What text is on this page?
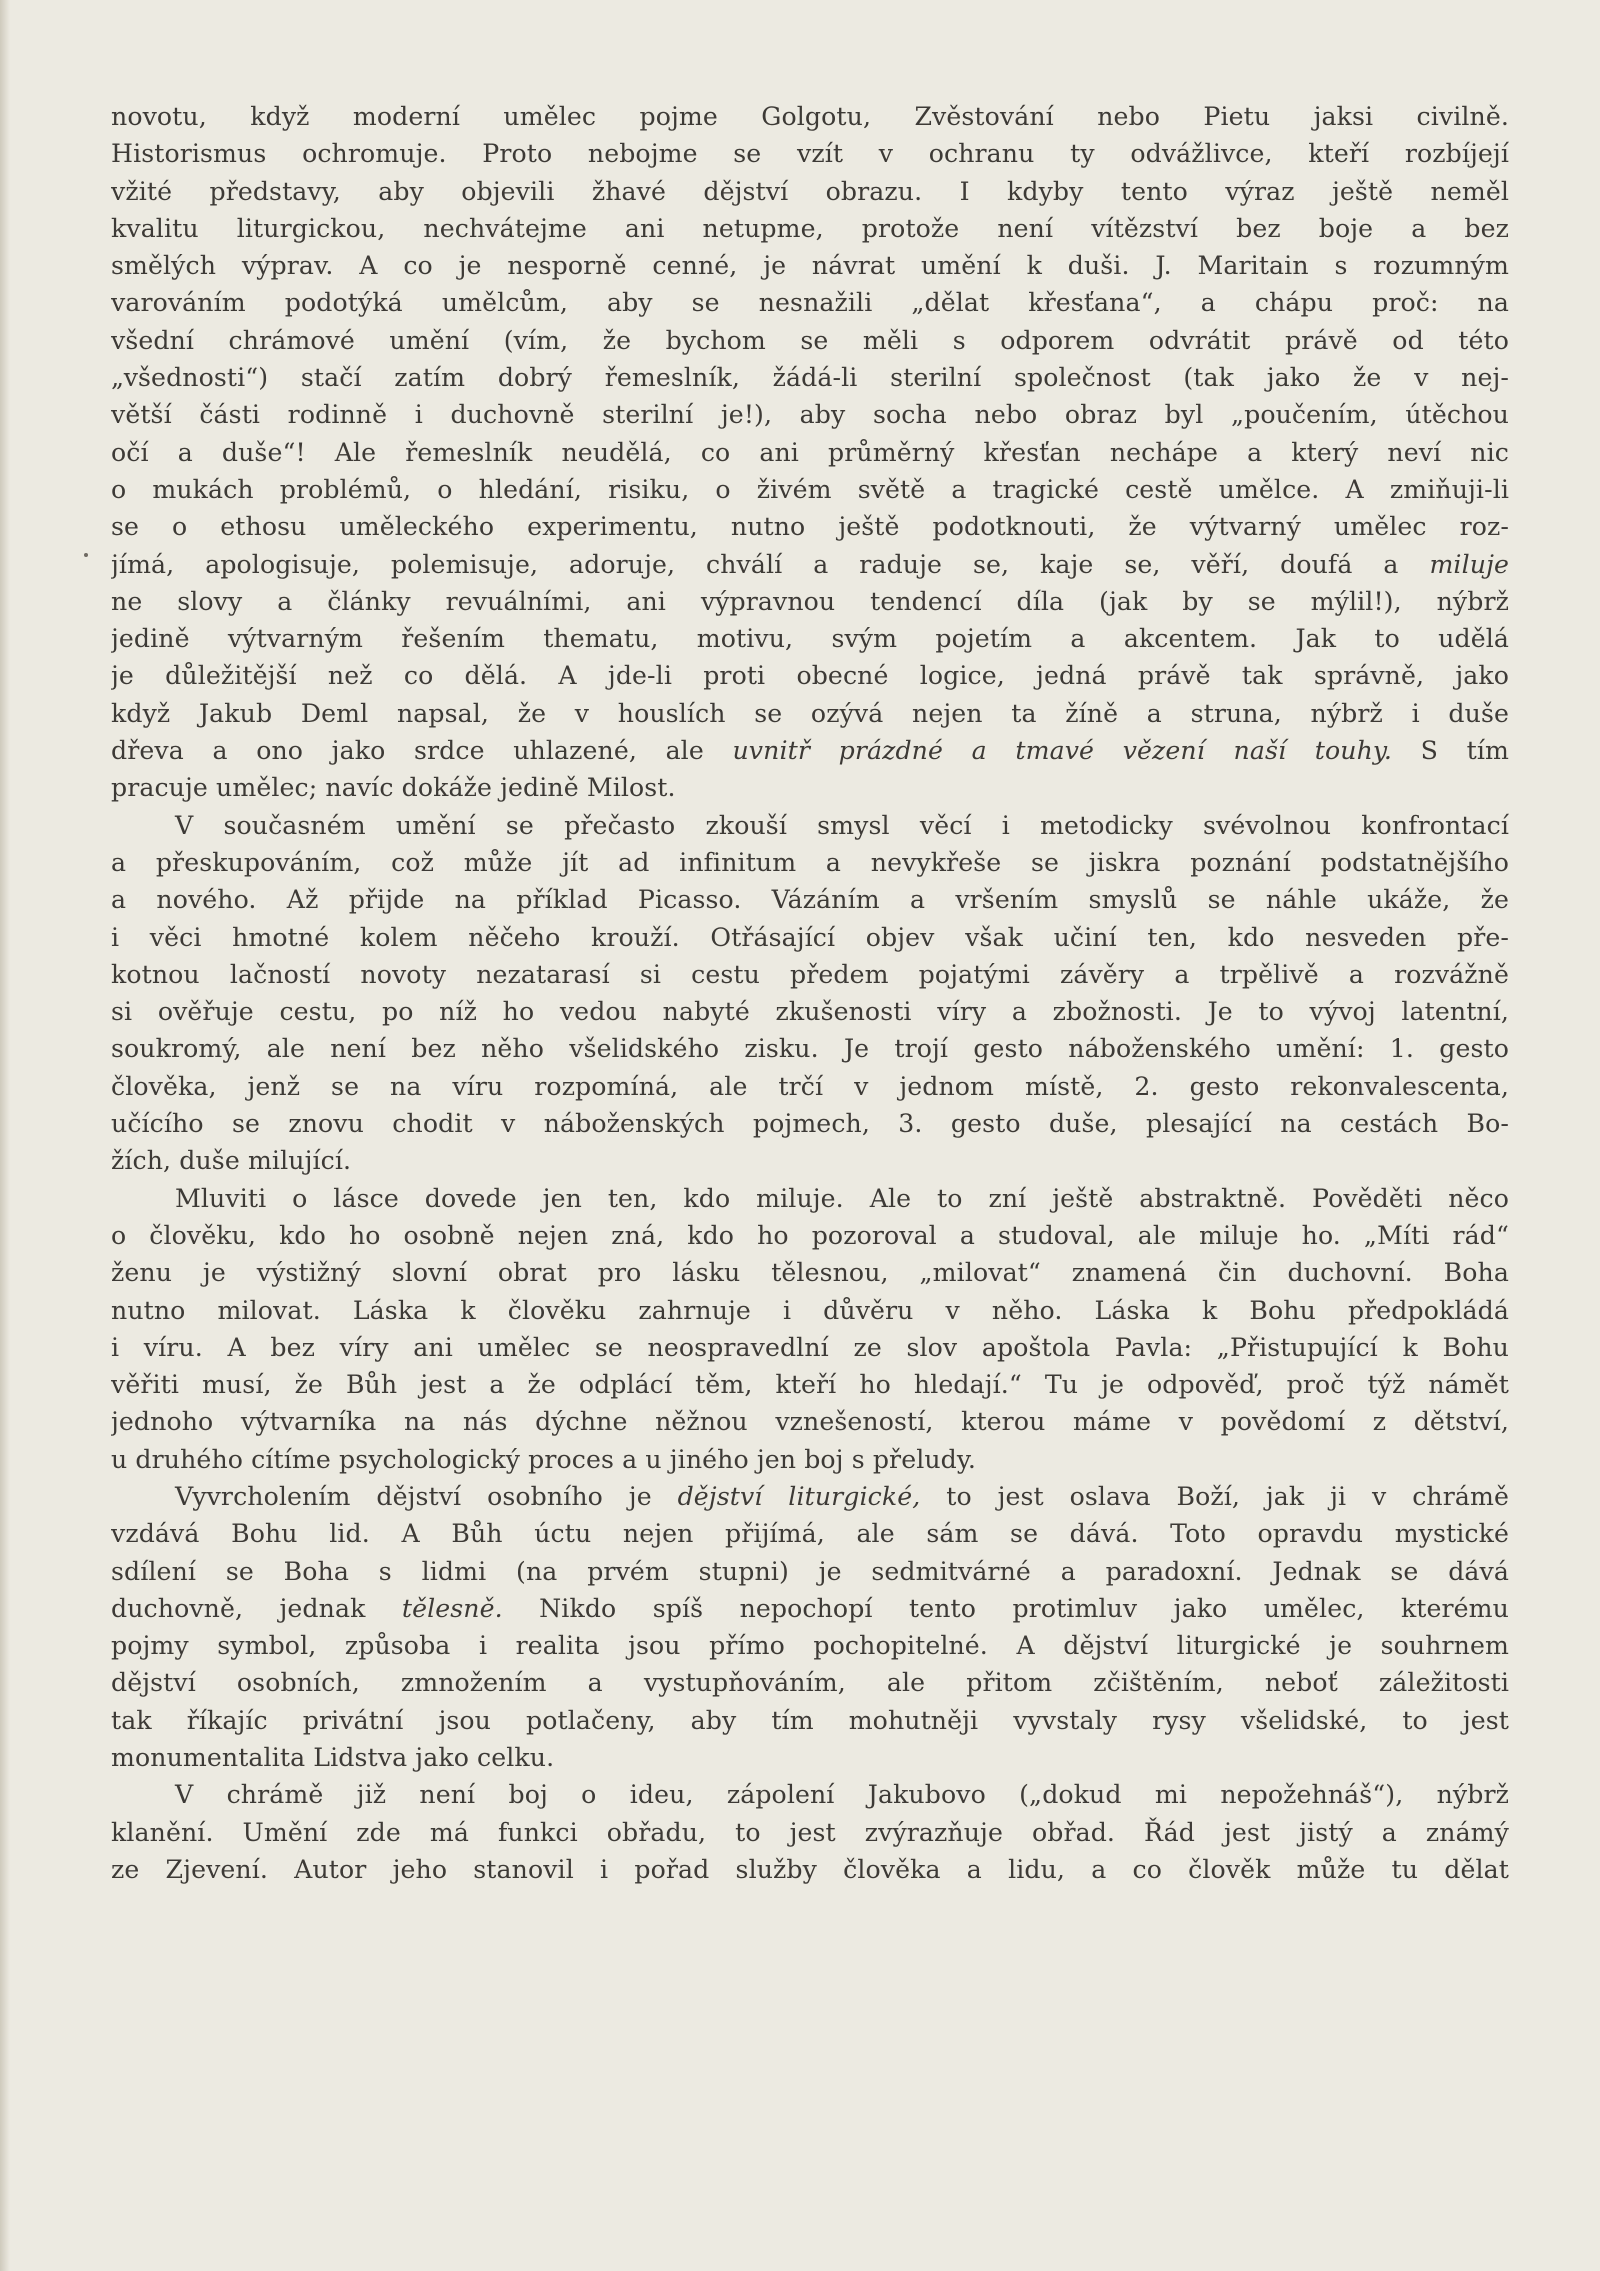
novotu, když moderní umělec pojme Golgotu, Zvěstování nebo Pietu jaksi civilně.
Historismus ochromuje. Proto nebojme se vzít v ochranu ty odvážlivce, kteří rozbíjejí
vžité představy, aby objevili žhavé dějství obrazu. I kdyby tento výraz ještě neměl
kvalitu liturgickou, nechvátejme ani netupme, protože není vítězství bez boje a bez
smělých výprav. A co je nesporně cenné, je návrat umění k duši. J. Maritain s rozumným
varováním podotýká umělcům, aby se nesnažili „dělat křesťana“, a chápu proč: na
všední chrámové umění (vím, že bychom se měli s odporem odvrátit právě od této
„všednosti“) stačí zatím dobrý řemeslník, žádá-li sterilní společnost (tak jako že v nej-
větší části rodinně i duchovně sterilní je!), aby socha nebo obraz byl „poučením, útěchou
očí a duše“! Ale řemeslník neudělá, co ani průměrný křesťan nechápe a který neví nic
o mukách problémů, o hledání, risiku, o živém světě a tragické cestě umělce. A zmiňuji-li
se o ethosu uměleckého experimentu, nutno ještě podotknouti, že výtvarný umělec roz-
jímá, apologisuje, polemisuje, adoruje, chválí a raduje se, kaje se, věří, doufá a miluje
ne slovy a články revuálními, ani výpravnou tendencí díla (jak by se mýlil!), nýbrž
jedině výtvarným řešením thematu, motivu, svým pojetím a akcentem. Jak to udělá
je důležitější než co dělá. A jde-li proti obecné logice, jedná právě tak správně, jako
když Jakub Deml napsal, že v houslích se ozývá nejen ta žíně a struna, nýbrž i duše
dřeva a ono jako srdce uhlazené, ale uvnitř prázdné a tmavé vězení naší touhy. S tím
pracuje umělec; navíc dokáže jedině Milost.
V současném umění se přečasto zkouší smysl věcí i metodicky svévolnou konfrontací
a přeskupováním, což může jít ad infinitum a nevykřeše se jiskra poznání podstatnějšího
a nového. Až přijde na příklad Picasso. Vázáním a vršením smyslů se náhle ukáže, že
i věci hmotné kolem něčeho krouží. Otřásající objev však učiní ten, kdo nesveden pře-
kotnou lačností novoty nezatarasí si cestu předem pojatými závěry a trpělivě a rozvážně
si ověřuje cestu, po níž ho vedou nabyté zkušenosti víry a zbožnosti. Je to vývoj latentní,
soukromý, ale není bez něho všelidského zisku. Je trojí gesto náboženského umění: 1. gesto
člověka, jenž se na víru rozpomíná, ale trčí v jednom místě, 2. gesto rekonvalescenta,
učícího se znovu chodit v náboženských pojmech, 3. gesto duše, plesající na cestách Bo-
žích, duše milující.
Mluviti o lásce dovede jen ten, kdo miluje. Ale to zní ještě abstraktně. Pověděti něco
o člověku, kdo ho osobně nejen zná, kdo ho pozoroval a studoval, ale miluje ho. „Míti rád“
ženu je výstižný slovní obrat pro lásku tělesnou, „milovat“ znamená čin duchovní. Boha
nutno milovat. Láska k člověku zahrnuje i důvěru v něho. Láska k Bohu předpokládá
i víru. A bez víry ani umělec se neospravedlní ze slov apoštola Pavla: „Přistupující k Bohu
věřiti musí, že Bůh jest a že odplácí těm, kteří ho hledají.“ Tu je odpověď, proč týž námět
jednoho výtvarníka na nás dýchne něžnou vznešeností, kterou máme v povědomí z dětství,
u druhého cítíme psychologický proces a u jiného jen boj s přeludy.
Vyvrcholením dějství osobního je dějství liturgické, to jest oslava Boží, jak ji v chrámě
vzdává Bohu lid. A Bůh úctu nejen přijímá, ale sám se dává. Toto opravdu mystické
sdílení se Boha s lidmi (na prvém stupni) je sedmitvárné a paradoxní. Jednak se dává
duchovně, jednak tělesně. Nikdo spíš nepochopí tento protimluv jako umělec, kterému
pojmy symbol, způsobа i realita jsou přímo pochopitelné. A dějství liturgické je souhrnem
dějství osobních, zmnožením a vystupňováním, ale přitom zčištěním, neboť záležitosti
tak říkajíc privátní jsou potlačeny, aby tím mohutněji vyvstaly rysy všelidské, to jest
monumentalita Lidstva jako celku.
V chrámě již není boj o ideu, zápolení Jakubovo („dokud mi nepožehnáš“), nýbrž
klanění. Umění zde má funkci obřadu, to jest zvýrazňuje obřad. Řád jest jistý a známý
ze Zjevení. Autor jeho stanovil i pořad služby člověka a lidu, a co člověk může tu dělat
